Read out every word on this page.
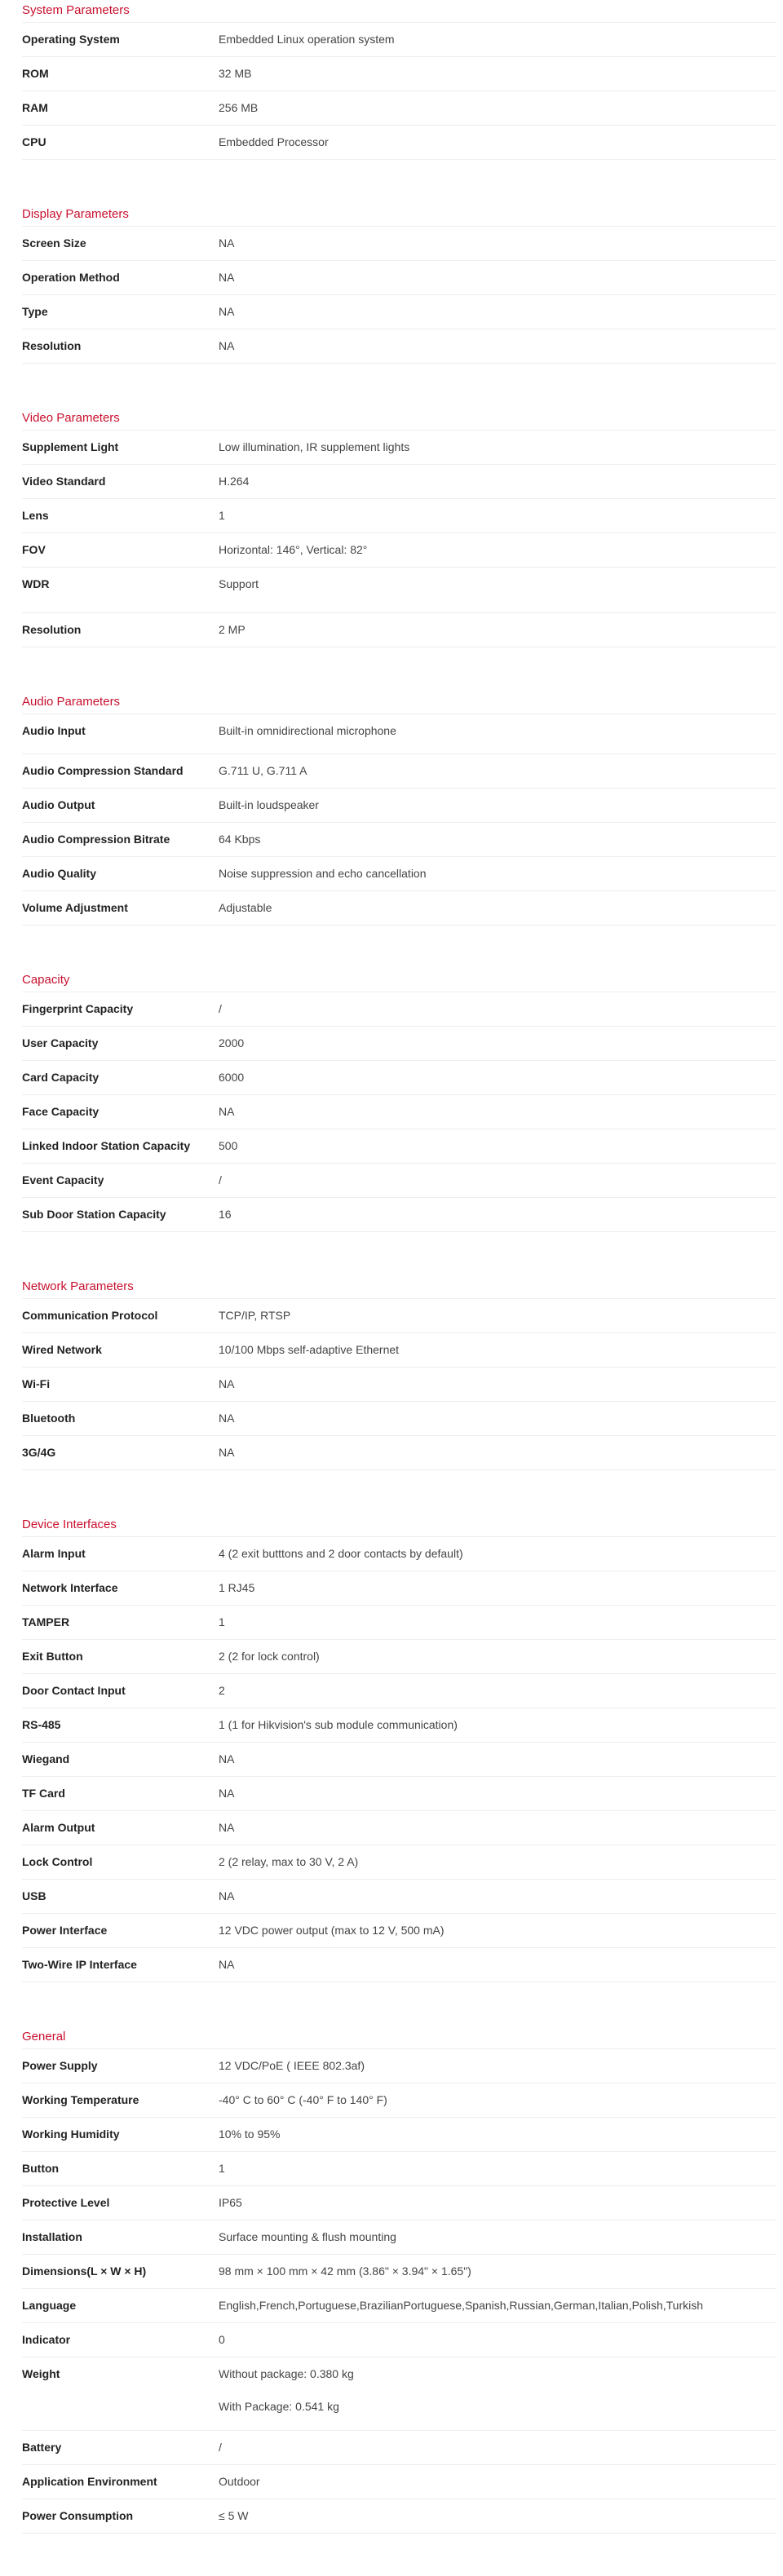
System Parameters
Operating System	Embedded Linux operation system
ROM	32 MB
RAM	256 MB
CPU	Embedded Processor
Display Parameters
Screen Size	NA
Operation Method	NA
Type	NA
Resolution	NA
Video Parameters
Supplement Light	Low illumination, IR supplement lights
Video Standard	H.264
Lens	1
FOV	Horizontal: 146°, Vertical: 82°
WDR	Support
Resolution	2 MP
Audio Parameters
Audio Input	Built-in omnidirectional microphone
Audio Compression Standard	G.711 U, G.711 A
Audio Output	Built-in loudspeaker
Audio Compression Bitrate	64 Kbps
Audio Quality	Noise suppression and echo cancellation
Volume Adjustment	Adjustable
Capacity
Fingerprint Capacity	/
User Capacity	2000
Card Capacity	6000
Face Capacity	NA
Linked Indoor Station Capacity	500
Event Capacity	/
Sub Door Station Capacity	16
Network Parameters
Communication Protocol	TCP/IP, RTSP
Wired Network	10/100 Mbps self-adaptive Ethernet
Wi-Fi	NA
Bluetooth	NA
3G/4G	NA
Device Interfaces
Alarm Input	4 (2 exit butttons and 2 door contacts by default)
Network Interface	1 RJ45
TAMPER	1
Exit Button	2 (2 for lock control)
Door Contact Input	2
RS-485	1 (1 for Hikvision's sub module communication)
Wiegand	NA
TF Card	NA
Alarm Output	NA
Lock Control	2 (2 relay, max to 30 V, 2 A)
USB	NA
Power Interface	12 VDC power output (max to 12 V, 500 mA)
Two-Wire IP Interface	NA
General
Power Supply	12 VDC/PoE ( IEEE 802.3af)
Working Temperature	-40° C to 60° C (-40° F to 140° F)
Working Humidity	10% to 95%
Button	1
Protective Level	IP65
Installation	Surface mounting & flush mounting
Dimensions(L × W × H)	98 mm × 100 mm × 42 mm (3.86" × 3.94" × 1.65")
Language	English,French,Portuguese,BrazilianPortuguese,Spanish,Russian,German,Italian,Polish,Turkish
Indicator	0
Weight	Without package: 0.380 kg
With Package: 0.541 kg
Battery	/
Application Environment	Outdoor
Power Consumption	≤ 5 W
